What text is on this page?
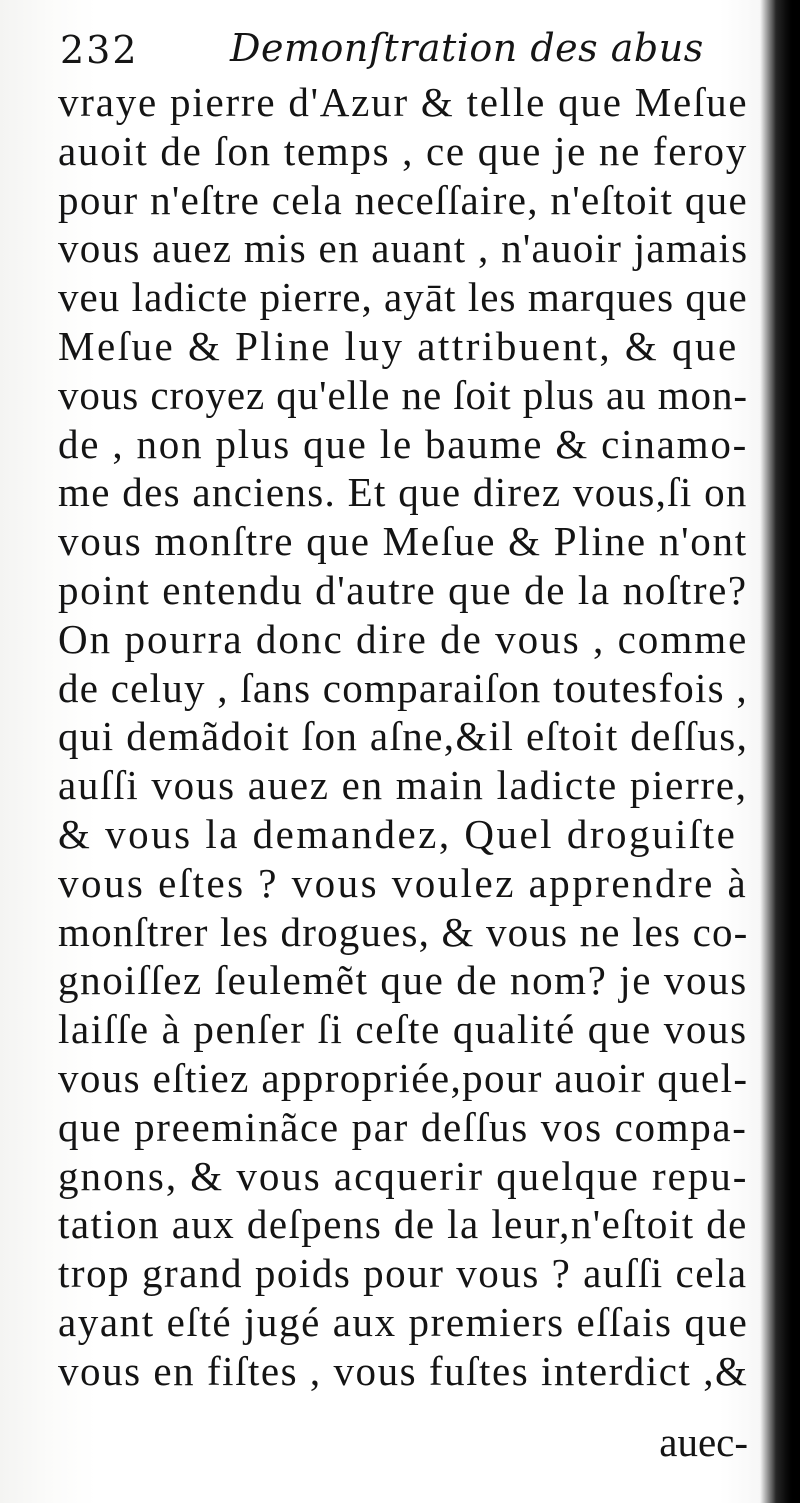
232 Demonſtration des abus
vraye pierre d'Azur & telle que Meſue
auoit de ſon temps , ce que je ne feroy
pour n'eſtre cela neceſſaire, n'eſtoit que
vous auez mis en auant , n'auoir jamais
veu ladicte pierre, ayāt les marques que
Meſue & Pline luy attribuent, & que
vous croyez qu'elle ne ſoit plus au mon-
de , non plus que le baume & cinamo-
me des anciens. Et que direz vous,ſi on
vous monſtre que Meſue & Pline n'ont
point entendu d'autre que de la noſtre?
On pourra donc dire de vous , comme
de celuy , ſans comparaiſon toutesfois ,
qui demãdoit ſon aſne,&il eſtoit deſſus,
auſſi vous auez en main ladicte pierre,
& vous la demandez, Quel droguiſte
vous eſtes ? vous voulez apprendre à
monſtrer les drogues, & vous ne les co-
gnoiſſez ſeulemẽt que de nom? je vous
laiſſe à penſer ſi ceſte qualité que vous
vous eſtiez appropriée,pour auoir quel-
que preeminãce par deſſus vos compa-
gnons, & vous acquerir quelque repu-
tation aux deſpens de la leur,n'eſtoit de
trop grand poids pour vous ? auſſi cela
ayant eſté jugé aux premiers eſſais que
vous en fiſtes , vous fuſtes interdict ,&
auec-
